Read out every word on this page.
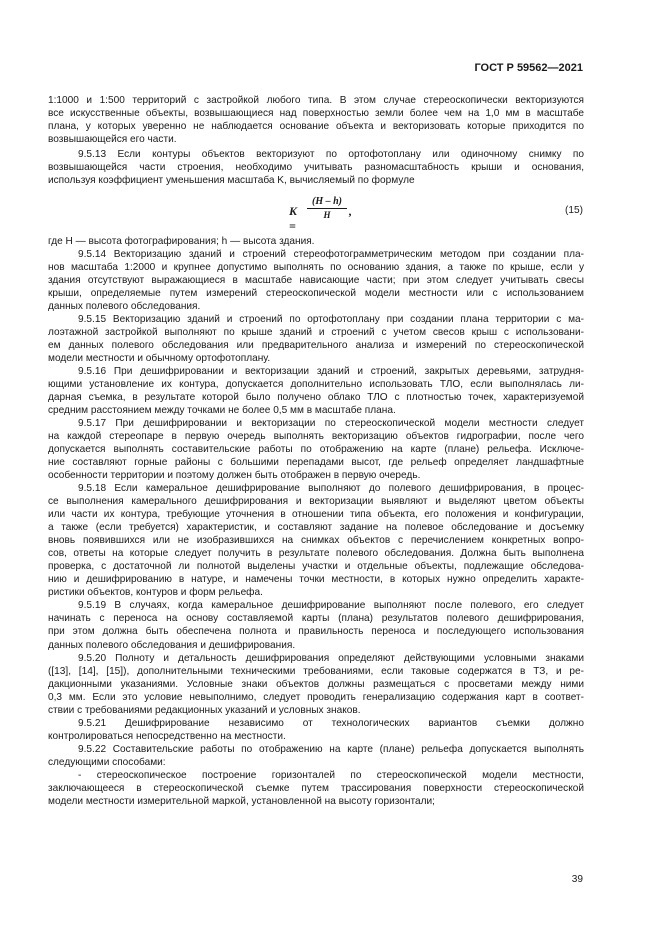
ГОСТ Р 59562—2021
1:1000 и 1:500 территорий с застройкой любого типа. В этом случае стереоскопически векторизуются
все искусственные объекты, возвышающиеся над поверхностью земли более чем на 1,0 мм в масштабе
плана, у которых уверенно не наблюдается основание объекта и векторизовать которые приходится по
возвышающейся его части.
9.5.13 Если контуры объектов векторизуют по ортофотоплану или одиночному снимку по
возвышающейся части строения, необходимо учитывать разномасштабность крыши и основания,
используя коэффициент уменьшения масштаба K, вычисляемый по формуле
где H — высота фотографирования; h — высота здания.
9.5.14 Векторизацию зданий и строений стереофотограмметрическим методом при создании пла-
нов масштаба 1:2000 и крупнее допустимо выполнять по основанию здания, а также по крыше, если у
здания отсутствуют выражающиеся в масштабе нависающие части; при этом следует учитывать свесы
крыши, определяемые путем измерений стереоскопической модели местности или с использованием
данных полевого обследования.
9.5.15 Векторизацию зданий и строений по ортофотоплану при создании плана территории с ма-
лоэтажной застройкой выполняют по крыше зданий и строений с учетом свесов крыш с использовани-
ем данных полевого обследования или предварительного анализа и измерений по стереоскопической
модели местности и обычному ортофотоплану.
9.5.16 При дешифрировании и векторизации зданий и строений, закрытых деревьями, затрудня-
ющими установление их контура, допускается дополнительно использовать ТЛО, если выполнялась ли-
дарная съемка, в результате которой было получено облако ТЛО с плотностью точек, характеризуемой
средним расстоянием между точками не более 0,5 мм в масштабе плана.
9.5.17 При дешифрировании и векторизации по стереоскопической модели местности следует
на каждой стереопаре в первую очередь выполнять векторизацию объектов гидрографии, после чего
допускается выполнять составительские работы по отображению на карте (плане) рельефа. Исключе-
ние составляют горные районы с большими перепадами высот, где рельеф определяет ландшафтные
особенности территории и поэтому должен быть отображен в первую очередь.
9.5.18 Если камеральное дешифрирование выполняют до полевого дешифрирования, в процес-
се выполнения камерального дешифрирования и векторизации выявляют и выделяют цветом объекты
или части их контура, требующие уточнения в отношении типа объекта, его положения и конфигурации,
а также (если требуется) характеристик, и составляют задание на полевое обследование и досъемку
вновь появившихся или не изобразившихся на снимках объектов с перечислением конкретных вопро-
сов, ответы на которые следует получить в результате полевого обследования. Должна быть выполнена
проверка, с достаточной ли полнотой выделены участки и отдельные объекты, подлежащие обследова-
нию и дешифрированию в натуре, и намечены точки местности, в которых нужно определить характе-
ристики объектов, контуров и форм рельефа.
9.5.19 В случаях, когда камеральное дешифрирование выполняют после полевого, его следует
начинать с переноса на основу составляемой карты (плана) результатов полевого дешифрирования,
при этом должна быть обеспечена полнота и правильность переноса и последующего использования
данных полевого обследования и дешифрирования.
9.5.20 Полноту и детальность дешифрирования определяют действующими условными знаками
([13], [14], [15]), дополнительными техническими требованиями, если таковые содержатся в ТЗ, и ре-
дакционными указаниями. Условные знаки объектов должны размещаться с просветами между ними
0,3 мм. Если это условие невыполнимо, следует проводить генерализацию содержания карт в соответ-
ствии с требованиями редакционных указаний и условных знаков.
9.5.21 Дешифрирование независимо от технологических вариантов съемки должно
контролироваться непосредственно на местности.
9.5.22 Составительские работы по отображению на карте (плане) рельефа допускается выполнять
следующими способами:
- стереоскопическое построение горизонталей по стереоскопической модели местности,
заключающееся в стереоскопической съемке путем трассирования поверхности стереоскопической
модели местности измерительной маркой, установленной на высоту горизонтали;
K =
$\frac{(H - h)}{H}$ ,	(15)
39
